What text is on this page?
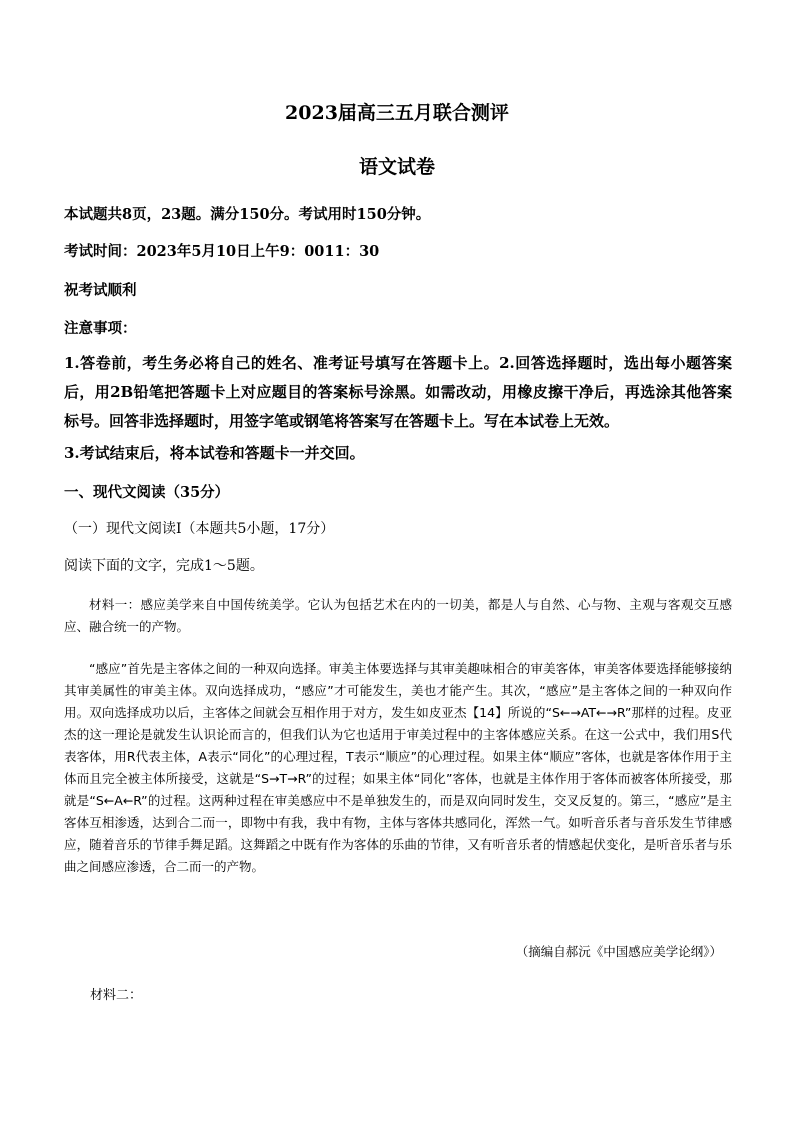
2023届高三五月联合测评
语文试卷
本试题共8页，23题。满分150分。考试用时150分钟。
考试时间：2023年5月10日上午9：0011：30
祝考试顺利
注意事项：
1.答卷前，考生务必将自己的姓名、准考证号填写在答题卡上。2.回答选择题时，选出每小题答案后，用2B铅笔把答题卡上对应题目的答案标号涂黑。如需改动，用橡皮擦干净后，再选涂其他答案标号。回答非选择题时，用签字笔或钢笔将答案写在答题卡上。写在本试卷上无效。
3.考试结束后，将本试卷和答题卡一并交回。
一、现代文阅读（35分）
（一）现代文阅读Ⅰ（本题共5小题，17分）
阅读下面的文字，完成1～5题。
材料一：感应美学来自中国传统美学。它认为包括艺术在内的一切美，都是人与自然、心与物、主观与客观交互感应、融合统一的产物。
“感应”首先是主客体之间的一种双向选择。审美主体要选择与其审美趣味相合的审美客体，审美客体要选择能够接纳其审美属性的审美主体。双向选择成功，“感应”才可能发生，美也才能产生。其次，“感应”是主客体之间的一种双向作用。双向选择成功以后，主客体之间就会互相作用于对方，发生如皮亚杰【14】所说的“S←→AT←→R”那样的过程。皮亚杰的这一理论是就发生认识论而言的，但我们认为它也适用于审美过程中的主客体感应关系。在这一公式中，我们用S代表客体，用R代表主体，A表示“同化”的心理过程，T表示“顺应”的心理过程。如果主体“顺应”客体，也就是客体作用于主体而且完全被主体所接受，这就是“S→T→R”的过程；如果主体“同化”客体，也就是主体作用于客体而被客体所接受，那就是“S←A←R”的过程。这两种过程在审美感应中不是单独发生的，而是双向同时发生，交叉反复的。第三，“感应”是主客体互相渗透，达到合二而一，即物中有我，我中有物，主体与客体共感同化，浑然一气。如听音乐者与音乐发生节律感应，随着音乐的节律手舞足蹈。这舞蹈之中既有作为客体的乐曲的节律，又有听音乐者的情感起伏变化，是听音乐者与乐曲之间感应渗透，合二而一的产物。
（摘编自郝沅《中国感应美学论纲》）
材料二：
